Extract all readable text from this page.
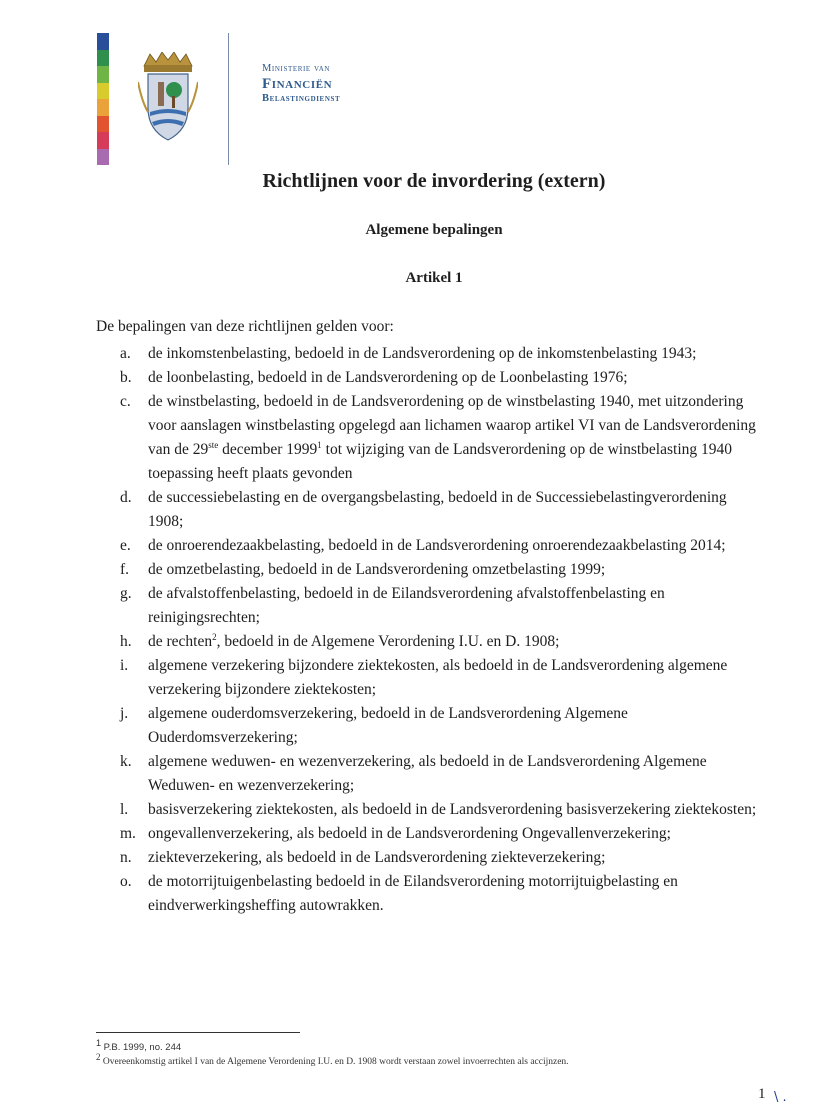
Ministerie van
Financiën
Belastingdienst
Richtlijnen voor de invordering (extern)
Algemene bepalingen
Artikel 1
De bepalingen van deze richtlijnen gelden voor:
a.	de inkomstenbelasting, bedoeld in de Landsverordening op de inkomstenbelasting 1943;
b.	de loonbelasting, bedoeld in de Landsverordening op de Loonbelasting 1976;
c.	de winstbelasting, bedoeld in de Landsverordening op de winstbelasting 1940, met uitzondering voor aanslagen winstbelasting opgelegd aan lichamen waarop artikel VI van de Landsverordening van de 29ste december 1999$^1$ tot wijziging van de Landsverordening op de winstbelasting 1940 toepassing heeft plaats gevonden
d.	de successiebelasting en de overgangsbelasting, bedoeld in de Successiebelastingverordening 1908;
e.	de onroerendezaakbelasting, bedoeld in de Landsverordening onroerendezaakbelasting 2014;
f.	de omzetbelasting, bedoeld in de Landsverordening omzetbelasting 1999;
g.	de afvalstoffenbelasting, bedoeld in de Eilandsverordening afvalstoffenbelasting en reinigingsrechten;
h.	de rechten$^2$, bedoeld in de Algemene Verordening I.U. en D. 1908;
i.	algemene verzekering bijzondere ziektekosten, als bedoeld in de Landsverordening algemene verzekering bijzondere ziektekosten;
j.	algemene ouderdomsverzekering, bedoeld in de Landsverordening Algemene Ouderdomsverzekering;
k.	algemene weduwen- en wezenverzekering, als bedoeld in de Landsverordening Algemene Weduwen- en wezenverzekering;
l.	basisverzekering ziektekosten, als bedoeld in de Landsverordening basisverzekering ziektekosten;
m. ongevallenverzekering, als bedoeld in de Landsverordening Ongevallenverzekering;
n.	ziekteverzekering, als bedoeld in de Landsverordening ziekteverzekering;
o.	de motorrijtuigenbelasting bedoeld in de Eilandsverordening motorrijtuigbelasting en eindverwerkingsheffing autowrakken.
$^1$ P.B. 1999, no. 244
$^2$ Overeenkomstig artikel I van de Algemene Verordening I.U. en D. 1908 wordt verstaan zowel invoerrechten als accijnzen.
1 \ .
